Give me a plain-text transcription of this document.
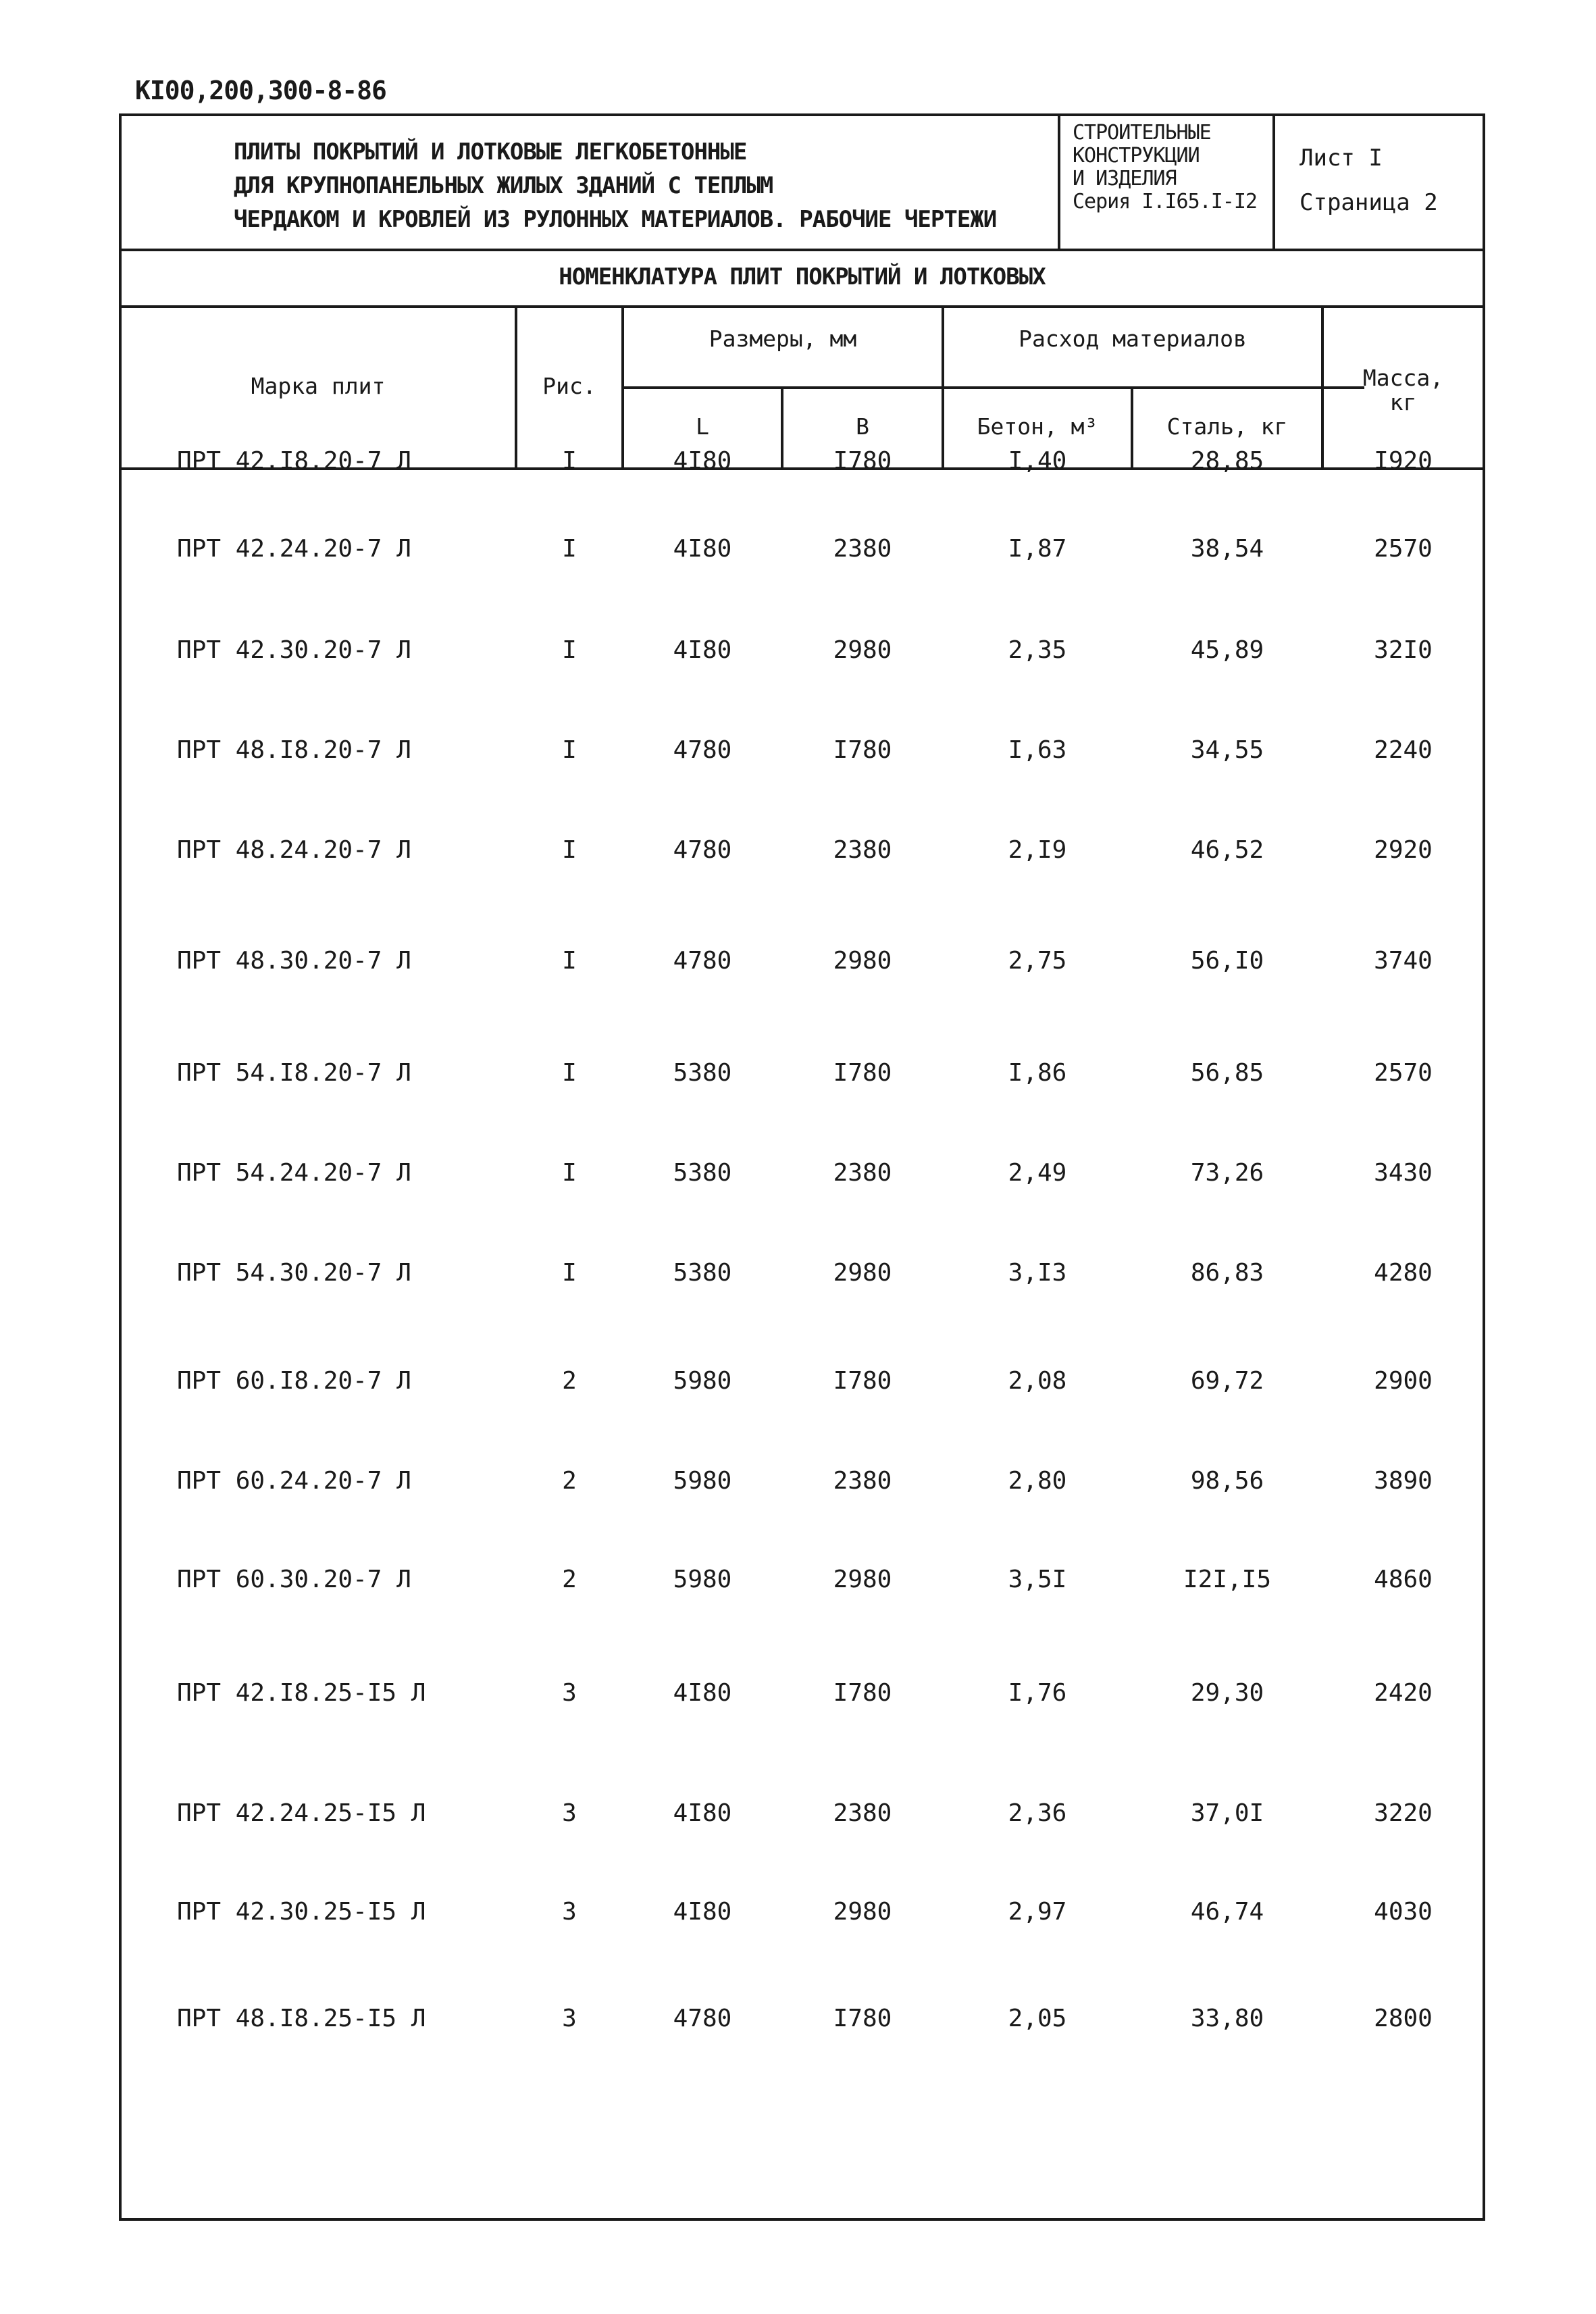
КI00,200,300-8-86
ПЛИТЫ ПОКРЫТИЙ И ЛОТКОВЫЕ ЛЕГКОБЕТОННЫЕ
ДЛЯ КРУПНОПАНЕЛЬНЫХ ЖИЛЫХ ЗДАНИЙ С ТЕПЛЫМ
ЧЕРДАКОМ И КРОВЛЕЙ ИЗ РУЛОННЫХ МАТЕРИАЛОВ. РАБОЧИЕ ЧЕРТЕЖИ
СТРОИТЕЛЬНЫЕ
КОНСТРУКЦИИ
И ИЗДЕЛИЯ
Серия I.I65.I-I2
Лист I
Страница 2
НОМЕНКЛАТУРА ПЛИТ ПОКРЫТИЙ И ЛОТКОВЫХ
Марка плит	Рис.
Размеры, мм
L	B
Расход материалов
Бетон, м³	Сталь, кг
Масса,
кг
ПРТ 42.I8.20-7 Л	I	4I80	I780	I,40	28,85	I920
ПРТ 42.24.20-7 Л	I	4I80	2380	I,87	38,54	2570
ПРТ 42.30.20-7 Л	I	4I80	2980	2,35	45,89	32I0
ПРТ 48.I8.20-7 Л	I	4780	I780	I,63	34,55	2240
ПРТ 48.24.20-7 Л	I	4780	2380	2,I9	46,52	2920
ПРТ 48.30.20-7 Л	I	4780	2980	2,75	56,I0	3740
ПРТ 54.I8.20-7 Л	I	5380	I780	I,86	56,85	2570
ПРТ 54.24.20-7 Л	I	5380	2380	2,49	73,26	3430
ПРТ 54.30.20-7 Л	I	5380	2980	3,I3	86,83	4280
ПРТ 60.I8.20-7 Л	2	5980	I780	2,08	69,72	2900
ПРТ 60.24.20-7 Л	2	5980	2380	2,80	98,56	3890
ПРТ 60.30.20-7 Л	2	5980	2980	3,5I	I2I,I5	4860
ПРТ 42.I8.25-I5 Л	3	4I80	I780	I,76	29,30	2420
ПРТ 42.24.25-I5 Л	3	4I80	2380	2,36	37,0I	3220
ПРТ 42.30.25-I5 Л	3	4I80	2980	2,97	46,74	4030
ПРТ 48.I8.25-I5 Л	3	4780	I780	2,05	33,80	2800
